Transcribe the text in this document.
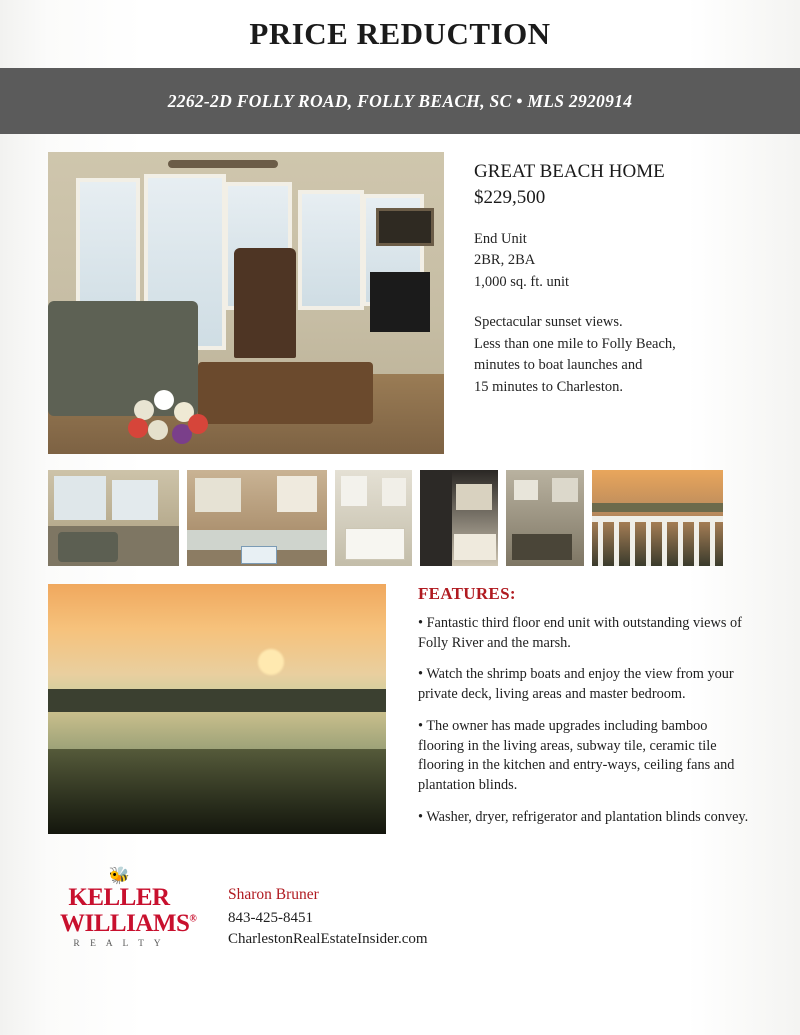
PRICE REDUCTION
2262-2D FOLLY ROAD, FOLLY BEACH, SC • MLS 2920914
GREAT BEACH HOME
$229,500

End Unit

2BR, 2BA

1,000 sq. ft. unit

Spectacular sunset views.

Less than one mile to Folly Beach,

minutes to boat launches and

15 minutes to Charleston.

FEATURES:

• Fantastic third floor end unit with outstanding views of Folly River and the marsh.

• Watch the shrimp boats and enjoy the view from your private deck, living areas and master bedroom.

• The owner has made upgrades including bamboo flooring in the living areas, subway tile, ceramic tile flooring in the kitchen and entry-ways, ceiling fans and plantation blinds.

• Washer, dryer, refrigerator and plantation blinds convey.

🐝
KELLER
WILLIAMS®
R E A L T Y

Sharon Bruner

843-425-8451

CharlestonRealEstateInsider.com
